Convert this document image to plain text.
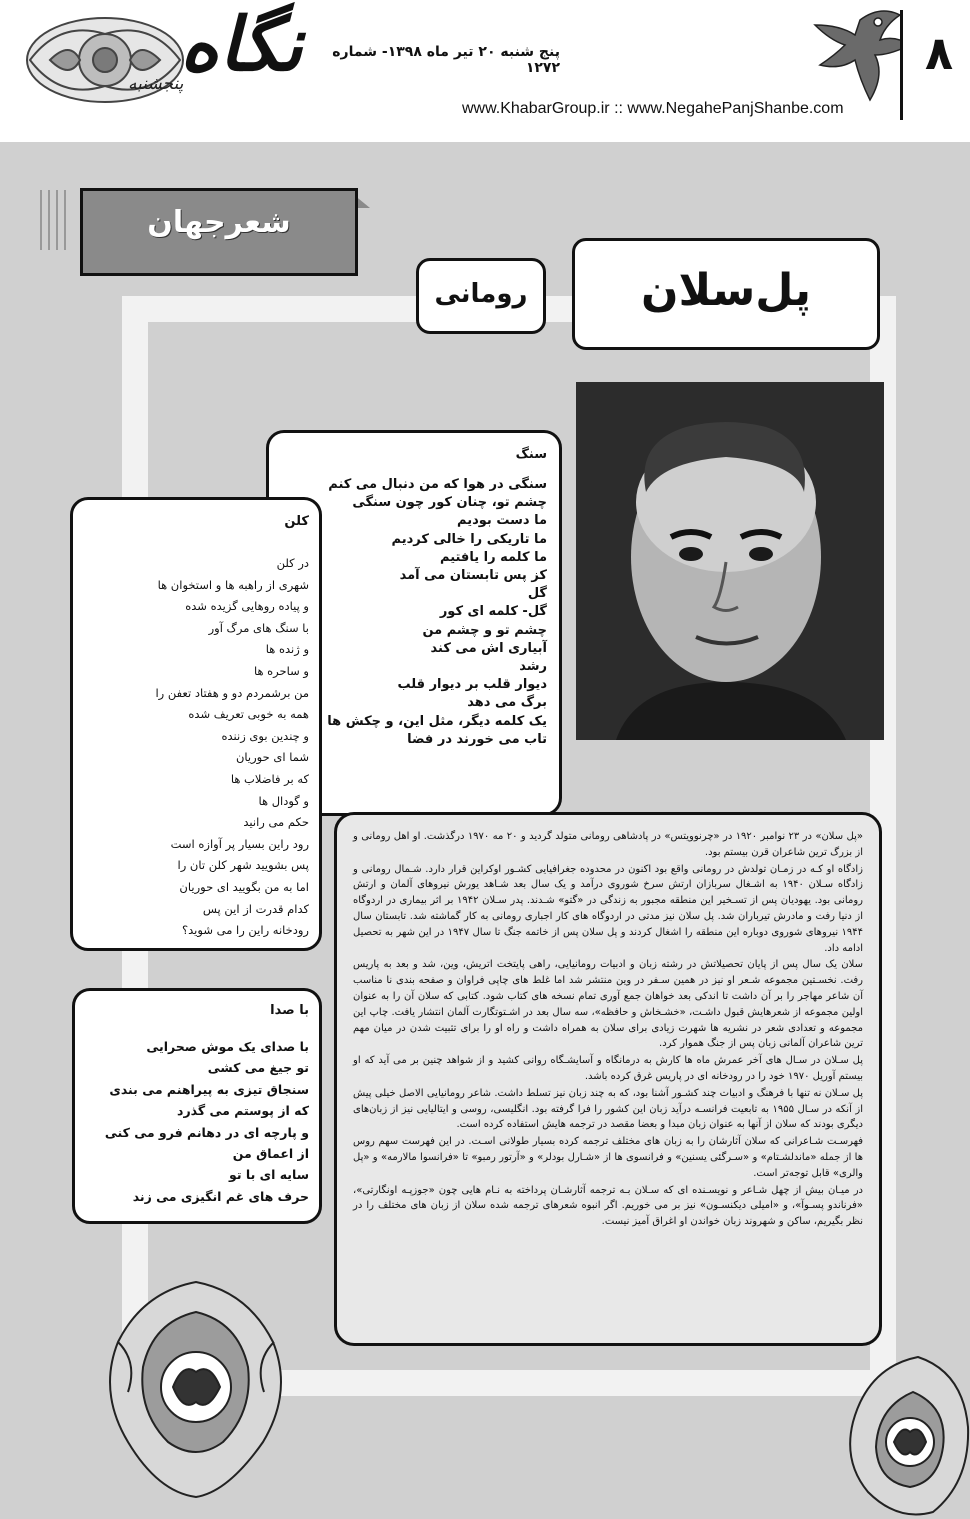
نگاه
پنجشنبه
پنج شنبه ۲۰ تیر ماه ۱۳۹۸- شماره ۱۲۷۲
www.KhabarGroup.ir :: www.NegahePanjShanbe.com
۸
شعرجهان
پل‌سلان
رومانی
سنگ
سنگی در هوا که من دنبال می کنم
چشم تو، چنان کور چون سنگی
ما دست بودیم
ما تاریکی را خالی کردیم
ما کلمه را یافتیم
کز پس تابستان می آمد
گل
گل- کلمه ای کور
چشم تو و چشم من
آبیاری اش می کند
رشد
دیوار قلب بر دیوار قلب
برگ می دهد
یک کلمه دیگر، مثل این، و چکش ها
تاب می خورند در فضا
کلن
در کلن
شهری از راهبه ها و استخوان ها
و پیاده روهایی گزیده شده
با سنگ های مرگ آور
و ژنده ها
و ساحره ها
من برشمردم دو و هفتاد تعفن را
همه به خوبی تعریف شده
و چندین بوی زننده
شما ای حوریان
که بر فاضلاب ها
و گودال ها
حکم می رانید
رود راین بسیار پر آوازه است
پس بشویید شهر کلن تان را
اما به من بگویید ای حوریان
کدام قدرت از این پس
رودخانه راین را می شوید؟
با صدا
با صدای یک موش صحرایی
تو جیغ می کشی
سنجاق تیزی به پیراهنم می بندی
که از پوستم می گذرد
و پارچه ای در دهانم فرو می کنی
از اعماق من
سایه ای با تو
حرف های غم انگیزی می زند

«پل سلان» در ۲۳ نوامبر ۱۹۲۰ در «چرنوویتس» در پادشاهی رومانی متولد گردید و ۲۰ مه ۱۹۷۰ درگذشت. او اهل رومانی و از بزرگ ترین شاعران قرن بیستم بود.

زادگاه او کـه در زمـان تولدش در رومانی واقع بود اکنون در محدوده جغرافیایی کشـور اوکراین قرار دارد. شـمال رومانی و زادگاه سـلان ۱۹۴۰ به اشـغال سربازان ارتش سرخ شوروی درآمد و یک سال بعد شـاهد یورش نیروهای آلمان و ارتش رومانی بود. یهودیان پس از تسـخیر این منطقه مجبور به زندگی در «گتو» شـدند. پدر سـلان ۱۹۴۲ بر اثر بیماری در اردوگاه از دنیا رفت و مادرش تیرباران شد. پل سلان نیز مدتی در اردوگاه های کار اجباری رومانی به کار گماشته شد. تابستان سال ۱۹۴۴ نیروهای شوروی دوباره این منطقه را اشغال کردند و پل سلان پس از خاتمه جنگ تا سال ۱۹۴۷ در این شهر به تحصیل ادامه داد.

سلان یک سال پس از پایان تحصیلاتش در رشته زبان و ادبیات رومانیایی، راهی پایتخت اتریش، وین، شد و بعد به پاریس رفت. نخسـتین مجموعه شـعر او نیز در همین سـفر در وین منتشر شد اما غلط های چاپی فراوان و صفحه بندی نا مناسب آن شاعر مهاجر را بر آن داشت تا اندکی بعد خواهان جمع آوری تمام نسخه های کتاب شود. کتابی که سلان آن را به عنوان اولین مجموعه از شعرهایش قبول داشـت، «خشـخاش و حافظه»، سه سال بعد در اشـتوتگارت آلمان انتشار یافت. چاپ این مجموعه و تعدادی شعر در نشریه ها شهرت زیادی برای سلان به همراه داشت و راه او را برای تثبیت شدن در میان مهم ترین شاعران آلمانی زبان پس از جنگ هموار کرد.

پل سـلان در سـال های آخر عمرش ماه ها کارش به درمانگاه و آسایشـگاه روانی کشید و از شواهد چنین بر می آید که او بیستم آوریل ۱۹۷۰ خود را در رودخانه ای در پاریس غرق کرده باشد.

پل سـلان نه تنها با فرهنگ و ادبیات چند کشـور آشنا بود، که به چند زبان نیز تسلط داشت. شاعر رومانیایی الاصل خیلی پیش از آنکه در سـال ۱۹۵۵ به تابعیت فرانسـه درآید زبان این کشور را فرا گرفته بود. انگلیسی، روسی و ایتالیایی نیز از زبان‌های دیگری بودند که سلان از آنها به عنوان زبان مبدا و بعضا مقصد در ترجمه هایش استفاده کرده است.

فهرسـت شـاعرانی که سلان آثارشان را به زبان های مختلف ترجمه کرده بسیار طولانی اسـت. در این فهرست سهم روس ها از جمله «ماندلشـتام» و «سـرگئی یسنین» و فرانسوی ها از «شـارل بودلر» و «آرتور رمبو» تا «فرانسوا مالارمه» و «پل والری» قابل توجه‌تر است.

در میـان بیش از چهل شـاعر و نویسـنده ای که سـلان بـه ترجمه آثارشـان پرداخته به نـام هایی چون «جوزپـه اونگارتی»، «فرناندو پسـوآ»، و «امیلی دیکنسـون» نیز بر می خوریم. اگر انبوه شعرهای ترجمه شده سلان از زبان های مختلف را در نظر بگیریم، ساکن و شهروند زبان خواندن او اغراق آمیز نیست.
